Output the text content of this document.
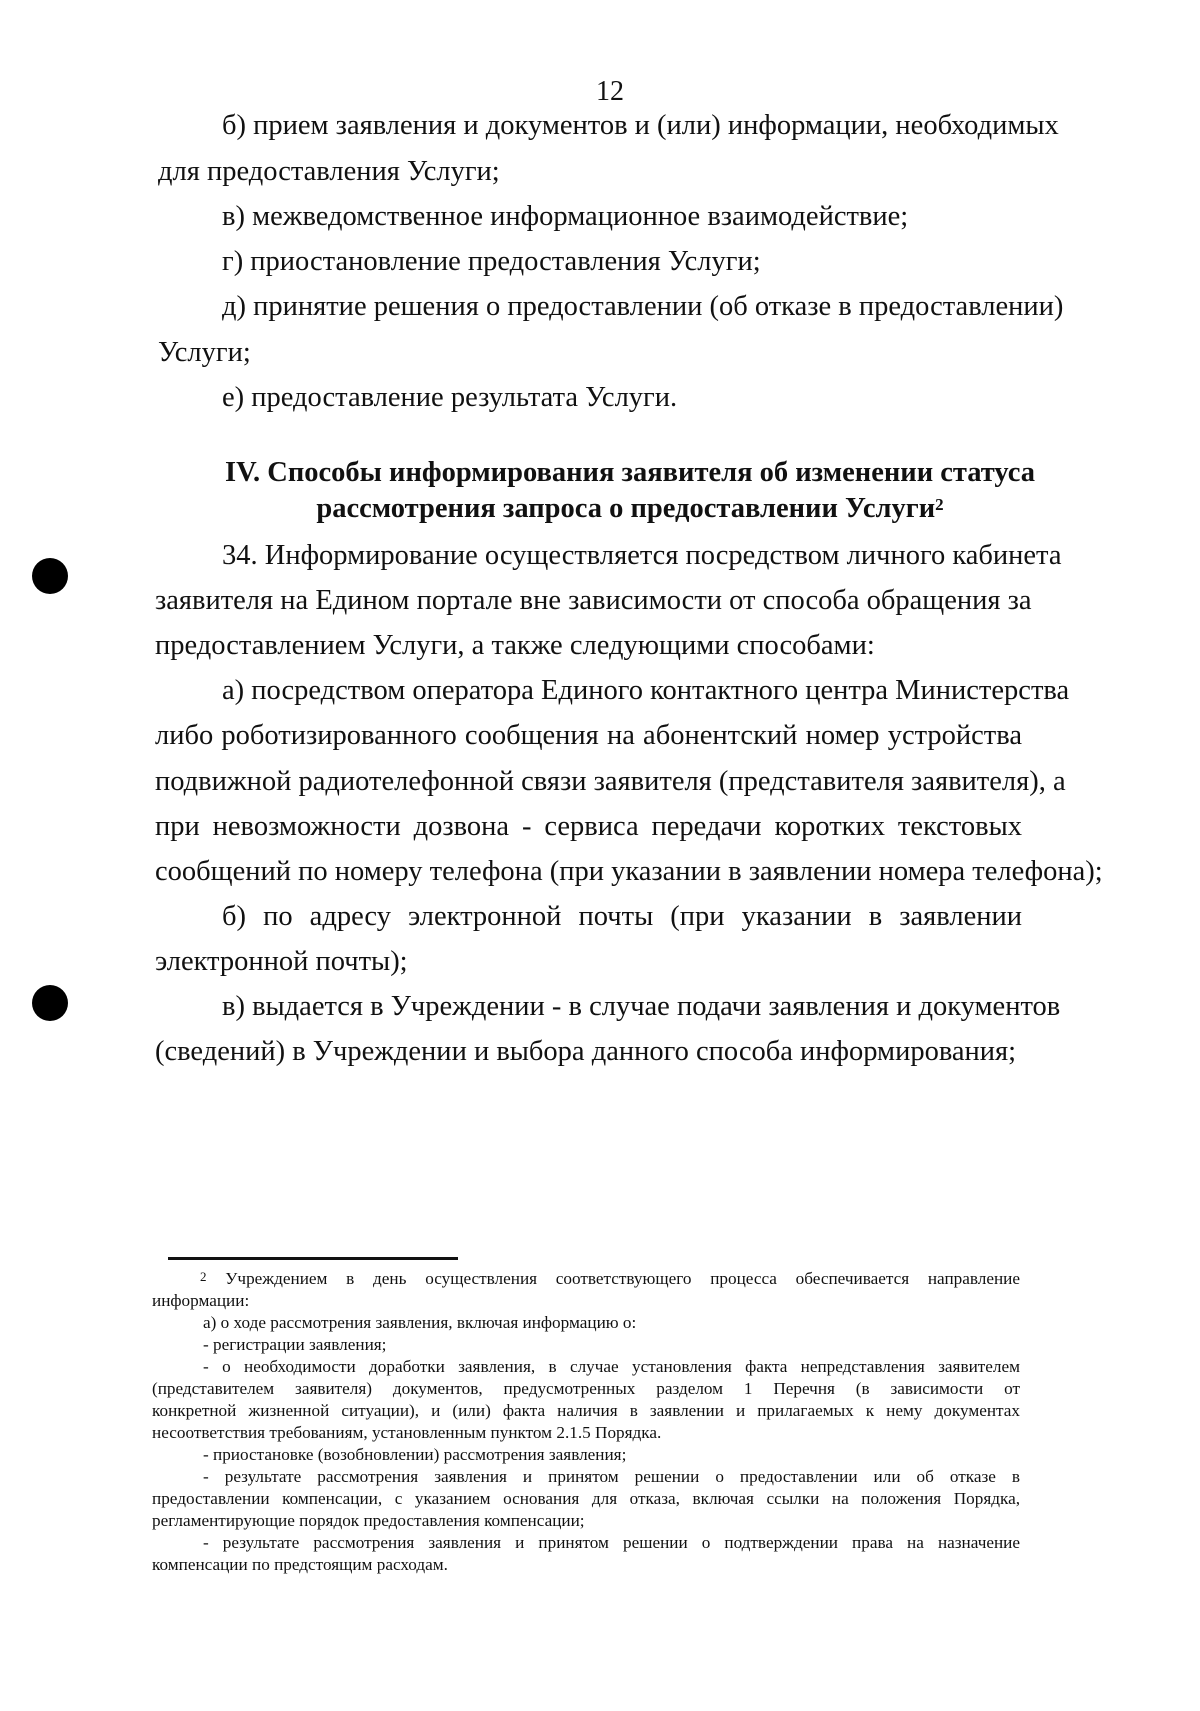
12
б) прием заявления и документов и (или) информации, необходимых
для предоставления Услуги;
в) межведомственное информационное взаимодействие;
г) приостановление предоставления Услуги;
д) принятие решения о предоставлении (об отказе в предоставлении)
Услуги;
е) предоставление результата Услуги.
IV. Способы информирования заявителя об изменении статуса
рассмотрения запроса о предоставлении Услуги$^2$
34. Информирование осуществляется посредством личного кабинета
заявителя на Едином портале вне зависимости от способа обращения за
предоставлением Услуги, а также следующими способами:
а) посредством оператора Единого контактного центра Министерства
либо роботизированного сообщения на абонентский номер устройства
подвижной радиотелефонной связи заявителя (представителя заявителя), а
при невозможности дозвона - сервиса передачи коротких текстовых
сообщений по номеру телефона (при указании в заявлении номера телефона);
б) по адресу электронной почты (при указании в заявлении
электронной почты);
в) выдается в Учреждении - в случае подачи заявления и документов
(сведений) в Учреждении и выбора данного способа информирования;
$^2$ Учреждением в день осуществления соответствующего процесса обеспечивается направление
информации:
а) о ходе рассмотрения заявления, включая информацию о:
- регистрации заявления;
- о необходимости доработки заявления, в случае установления факта непредставления заявителем
(представителем заявителя) документов, предусмотренных разделом 1 Перечня (в зависимости от
конкретной жизненной ситуации), и (или) факта наличия в заявлении и прилагаемых к нему документах
несоответствия требованиям, установленным пунктом 2.1.5 Порядка.
- приостановке (возобновлении) рассмотрения заявления;
- результате рассмотрения заявления и принятом решении о предоставлении или об отказе в
предоставлении компенсации, с указанием основания для отказа, включая ссылки на положения Порядка,
регламентирующие порядок предоставления компенсации;
- результате рассмотрения заявления и принятом решении о подтверждении права на назначение
компенсации по предстоящим расходам.
